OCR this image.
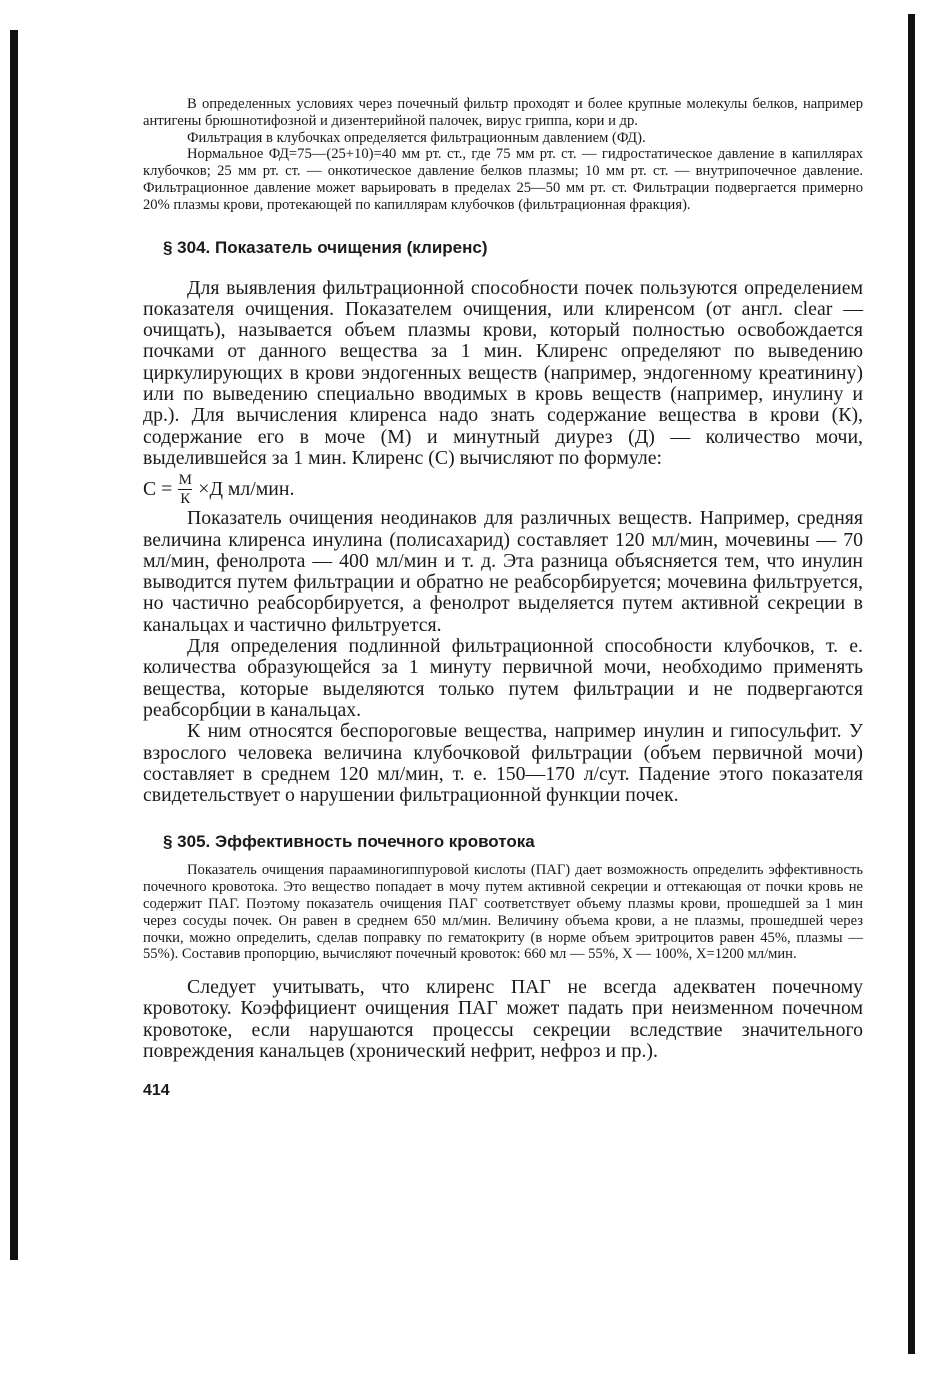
В определенных условиях через почечный фильтр проходят и более крупные молекулы белков, например антигены брюшнотифозной и дизентерийной палочек, вирус гриппа, кори и др.
Фильтрация в клубочках определяется фильтрационным давлением (ФД).
Нормальное ФД=75—(25+10)=40 мм рт. ст., где 75 мм рт. ст. — гидростатическое давление в капиллярах клубочков; 25 мм рт. ст. — онкотическое давление белков плазмы; 10 мм рт. ст. — внутрипочечное давление. Фильтрационное давление может варьировать в пределах 25—50 мм рт. ст. Фильтрации подвергается примерно 20% плазмы крови, протекающей по капиллярам клубочков (фильтрационная фракция).
§ 304. Показатель очищения (клиренс)

Для выявления фильтрационной способности почек пользуются определением показателя очищения. Показателем очищения, или клиренсом (от англ. clear — очищать), называется объем плазмы крови, который полностью освобождается почками от данного вещества за 1 мин. Клиренс определяют по выведению циркулирующих в крови эндогенных веществ (например, эндогенному креатинину) или по выведению специально вводимых в кровь веществ (например, инулину и др.). Для вычисления клиренса надо знать содержание вещества в крови (К), содержание его в моче (М) и минутный диурез (Д) — количество мочи, выделившейся за 1 мин. Клиренс (С) вычисляют по формуле:

$С = \frac{М}{К} \times Д$ мл/мин.

Показатель очищения неодинаков для различных веществ. Например, средняя величина клиренса инулина (полисахарид) составляет 120 мл/мин, мочевины — 70 мл/мин, фенолрота — 400 мл/мин и т. д. Эта разница объясняется тем, что инулин выводится путем фильтрации и обратно не реабсорбируется; мочевина фильтруется, но частично реабсорбируется, а фенолрот выделяется путем активной секреции в канальцах и частично фильтруется.

Для определения подлинной фильтрационной способности клубочков, т. е. количества образующейся за 1 минуту первичной мочи, необходимо применять вещества, которые выделяются только путем фильтрации и не подвергаются реабсорбции в канальцах.

К ним относятся беспороговые вещества, например инулин и гипосульфит. У взрослого человека величина клубочковой фильтрации (объем первичной мочи) составляет в среднем 120 мл/мин, т. е. 150—170 л/сут. Падение этого показателя свидетельствует о нарушении фильтрационной функции почек.

§ 305. Эффективность почечного кровотока

Показатель очищения парааминогиппуровой кислоты (ПАГ) дает возможность определить эффективность почечного кровотока. Это вещество попадает в мочу путем активной секреции и оттекающая от почки кровь не содержит ПАГ. Поэтому показатель очищения ПАГ соответствует объему плазмы крови, прошедшей за 1 мин через сосуды почек. Он равен в среднем 650 мл/мин. Величину объема крови, а не плазмы, прошедшей через почки, можно определить, сделав поправку по гематокриту (в норме объем эритроцитов равен 45%, плазмы — 55%). Составив пропорцию, вычисляют почечный кровоток: 660 мл — 55%, Х — 100%, Х=1200 мл/мин.

Следует учитывать, что клиренс ПАГ не всегда адекватен почечному кровотоку. Коэффициент очищения ПАГ может падать при неизменном почечном кровотоке, если нарушаются процессы секреции вследствие значительного повреждения канальцев (хронический нефрит, нефроз и пр.).

414
